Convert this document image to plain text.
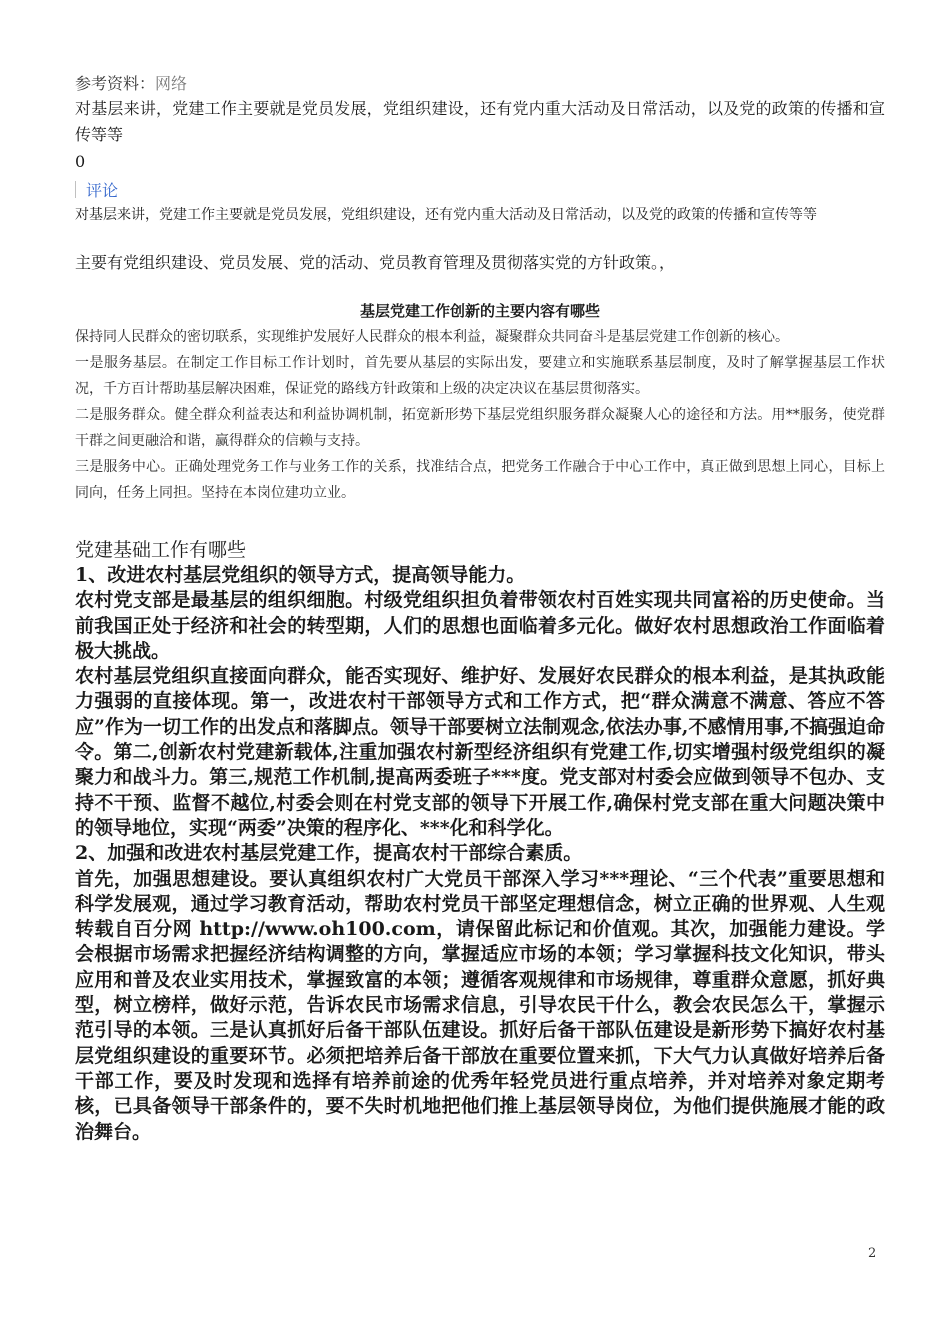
参考资料：网络

对基层来讲，党建工作主要就是党员发展，党组织建设，还有党内重大活动及日常活动，以及党的政策的传播和宣传等等

0
评论

对基层来讲，党建工作主要就是党员发展，党组织建设，还有党内重大活动及日常活动，以及党的政策的传播和宣传等等

主要有党组织建设、党员发展、党的活动、党员教育管理及贯彻落实党的方针政策。，

基层党建工作创新的主要内容有哪些

保持同人民群众的密切联系，实现维护发展好人民群众的根本利益，凝聚群众共同奋斗是基层党建工作创新的核心。

一是服务基层。在制定工作目标工作计划时，首先要从基层的实际出发，要建立和实施联系基层制度，及时了解掌握基层工作状况，千方百计帮助基层解决困难，保证党的路线方针政策和上级的决定决议在基层贯彻落实。

二是服务群众。健全群众利益表达和利益协调机制，拓宽新形势下基层党组织服务群众凝聚人心的途径和方法。用**服务，使党群干群之间更融洽和谐，赢得群众的信赖与支持。

三是服务中心。正确处理党务工作与业务工作的关系，找准结合点，把党务工作融合于中心工作中，真正做到思想上同心，目标上同向，任务上同担。坚持在本岗位建功立业。

党建基础工作有哪些

1、改进农村基层党组织的领导方式，提高领导能力。

农村党支部是最基层的组织细胞。村级党组织担负着带领农村百姓实现共同富裕的历史使命。当前我国正处于经济和社会的转型期，人们的思想也面临着多元化。做好农村思想政治工作面临着极大挑战。

农村基层党组织直接面向群众，能否实现好、维护好、发展好农民群众的根本利益，是其执政能力强弱的直接体现。第一，改进农村干部领导方式和工作方式，把“群众满意不满意、答应不答应”作为一切工作的出发点和落脚点。领导干部要树立法制观念,依法办事,不感情用事,不搞强迫命令。第二,创新农村党建新载体,注重加强农村新型经济组织有党建工作,切实增强村级党组织的凝聚力和战斗力。第三,规范工作机制,提高两委班子***度。党支部对村委会应做到领导不包办、支持不干预、监督不越位,村委会则在村党支部的领导下开展工作,确保村党支部在重大问题决策中的领导地位，实现“两委”决策的程序化、***化和科学化。

2、加强和改进农村基层党建工作，提高农村干部综合素质。

首先，加强思想建设。要认真组织农村广大党员干部深入学习***理论、“三个代表”重要思想和科学发展观，通过学习教育活动，帮助农村党员干部坚定理想信念，树立正确的世界观、人生观转载自百分网 http://www.oh100.com，请保留此标记和价值观。其次，加强能力建设。学会根据市场需求把握经济结构调整的方向，掌握适应市场的本领；学习掌握科技文化知识，带头应用和普及农业实用技术，掌握致富的本领；遵循客观规律和市场规律，尊重群众意愿，抓好典型，树立榜样，做好示范，告诉农民市场需求信息，引导农民干什么，教会农民怎么干，掌握示范引导的本领。三是认真抓好后备干部队伍建设。抓好后备干部队伍建设是新形势下搞好农村基层党组织建设的重要环节。必须把培养后备干部放在重要位置来抓，下大气力认真做好培养后备干部工作，要及时发现和选择有培养前途的优秀年轻党员进行重点培养，并对培养对象定期考核，已具备领导干部条件的，要不失时机地把他们推上基层领导岗位，为他们提供施展才能的政治舞台。

2
